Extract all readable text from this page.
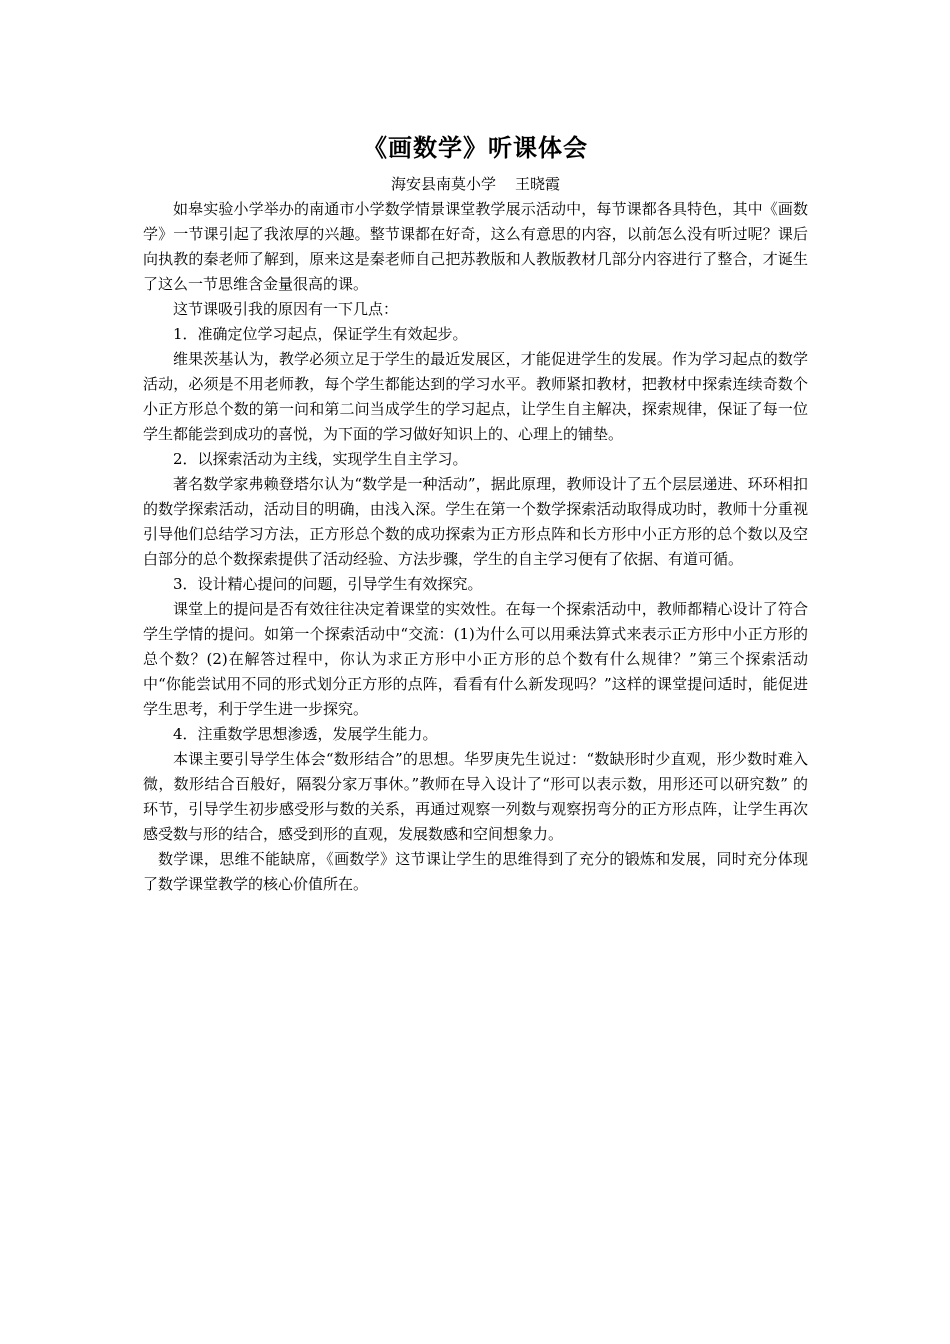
《画数学》听课体会

海安县南莫小学    王晓霞

如皋实验小学举办的南通市小学数学情景课堂教学展示活动中，每节课都各具特色，其中《画数学》一节课引起了我浓厚的兴趣。整节课都在好奇，这么有意思的内容，以前怎么没有听过呢？课后向执教的秦老师了解到，原来这是秦老师自己把苏教版和人教版教材几部分内容进行了整合，才诞生了这么一节思维含金量很高的课。

这节课吸引我的原因有一下几点：

1．准确定位学习起点，保证学生有效起步。

维果茨基认为，教学必须立足于学生的最近发展区，才能促进学生的发展。作为学习起点的数学活动，必须是不用老师教，每个学生都能达到的学习水平。教师紧扣教材，把教材中探索连续奇数个小正方形总个数的第一问和第二问当成学生的学习起点，让学生自主解决，探索规律，保证了每一位学生都能尝到成功的喜悦，为下面的学习做好知识上的、心理上的铺垫。

2．以探索活动为主线，实现学生自主学习。

著名数学家弗赖登塔尔认为“数学是一种活动”，据此原理，教师设计了五个层层递进、环环相扣的数学探索活动，活动目的明确，由浅入深。学生在第一个数学探索活动取得成功时，教师十分重视引导他们总结学习方法，正方形总个数的成功探索为正方形点阵和长方形中小正方形的总个数以及空白部分的总个数探索提供了活动经验、方法步骤，学生的自主学习便有了依据、有道可循。

3．设计精心提问的问题，引导学生有效探究。

课堂上的提问是否有效往往决定着课堂的实效性。在每一个探索活动中，教师都精心设计了符合学生学情的提问。如第一个探索活动中“交流：(1)为什么可以用乘法算式来表示正方形中小正方形的总个数？(2)在解答过程中，你认为求正方形中小正方形的总个数有什么规律？”第三个探索活动中“你能尝试用不同的形式划分正方形的点阵，看看有什么新发现吗？”这样的课堂提问适时，能促进学生思考，利于学生进一步探究。

4．注重数学思想渗透，发展学生能力。

本课主要引导学生体会“数形结合”的思想。华罗庚先生说过：“数缺形时少直观，形少数时难入微，数形结合百般好，隔裂分家万事休。”教师在导入设计了“形可以表示数，用形还可以研究数” 的环节，引导学生初步感受形与数的关系，再通过观察一列数与观察拐弯分的正方形点阵，让学生再次感受数与形的结合，感受到形的直观，发展数感和空间想象力。

数学课，思维不能缺席，《画数学》这节课让学生的思维得到了充分的锻炼和发展，同时充分体现了数学课堂教学的核心价值所在。
